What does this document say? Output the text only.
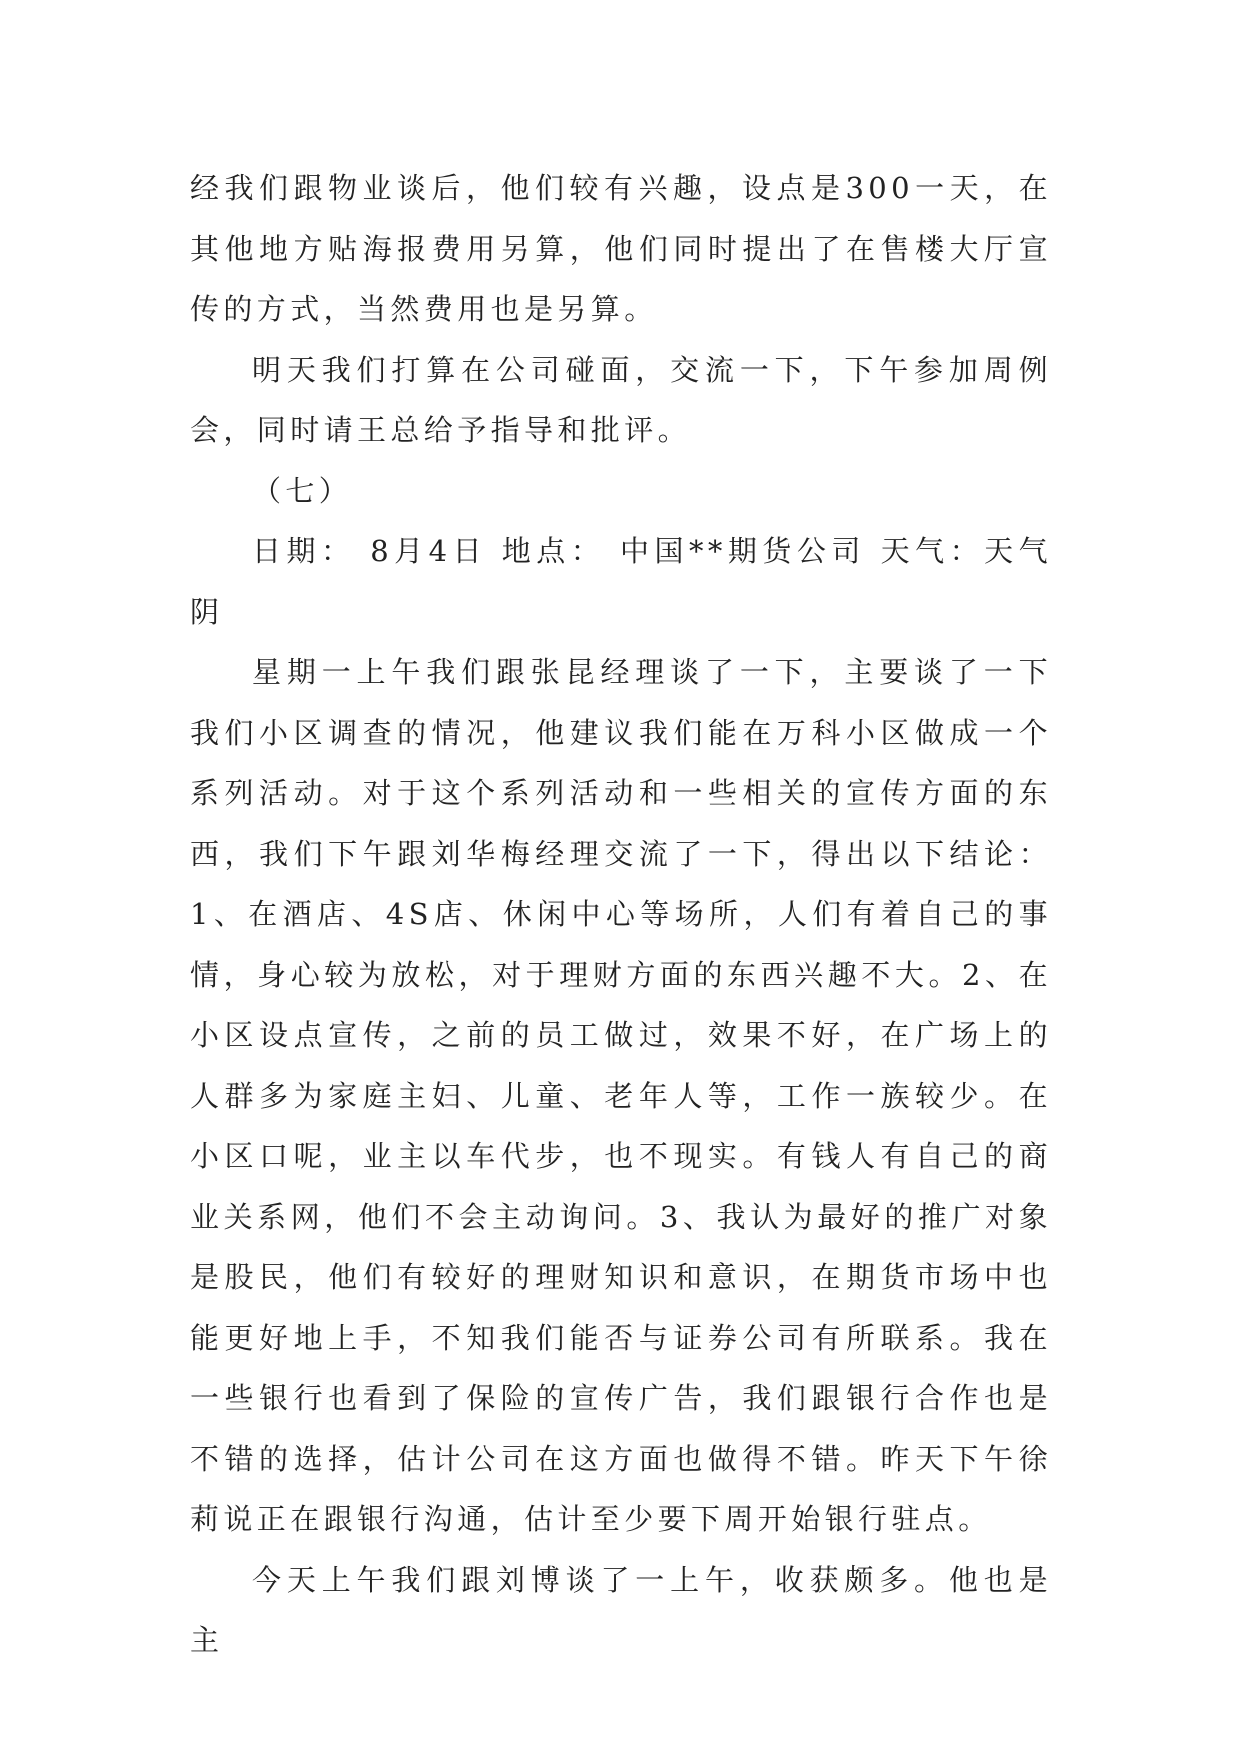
经我们跟物业谈后，他们较有兴趣，设点是300一天，在其他地方贴海报费用另算，他们同时提出了在售楼大厅宣传的方式，当然费用也是另算。

明天我们打算在公司碰面，交流一下，下午参加周例会，同时请王总给予指导和批评。

（七）

日期： 8月4日 地点： 中国**期货公司 天气：天气阴

星期一上午我们跟张昆经理谈了一下，主要谈了一下我们小区调查的情况，他建议我们能在万科小区做成一个系列活动。对于这个系列活动和一些相关的宣传方面的东西，我们下午跟刘华梅经理交流了一下，得出以下结论：1、在酒店、4S店、休闲中心等场所，人们有着自己的事情，身心较为放松，对于理财方面的东西兴趣不大。2、在小区设点宣传，之前的员工做过，效果不好，在广场上的人群多为家庭主妇、儿童、老年人等，工作一族较少。在小区口呢，业主以车代步，也不现实。有钱人有自己的商业关系网，他们不会主动询问。3、我认为最好的推广对象是股民，他们有较好的理财知识和意识，在期货市场中也能更好地上手，不知我们能否与证券公司有所联系。我在一些银行也看到了保险的宣传广告，我们跟银行合作也是不错的选择，估计公司在这方面也做得不错。昨天下午徐莉说正在跟银行沟通，估计至少要下周开始银行驻点。

今天上午我们跟刘博谈了一上午，收获颇多。他也是主
